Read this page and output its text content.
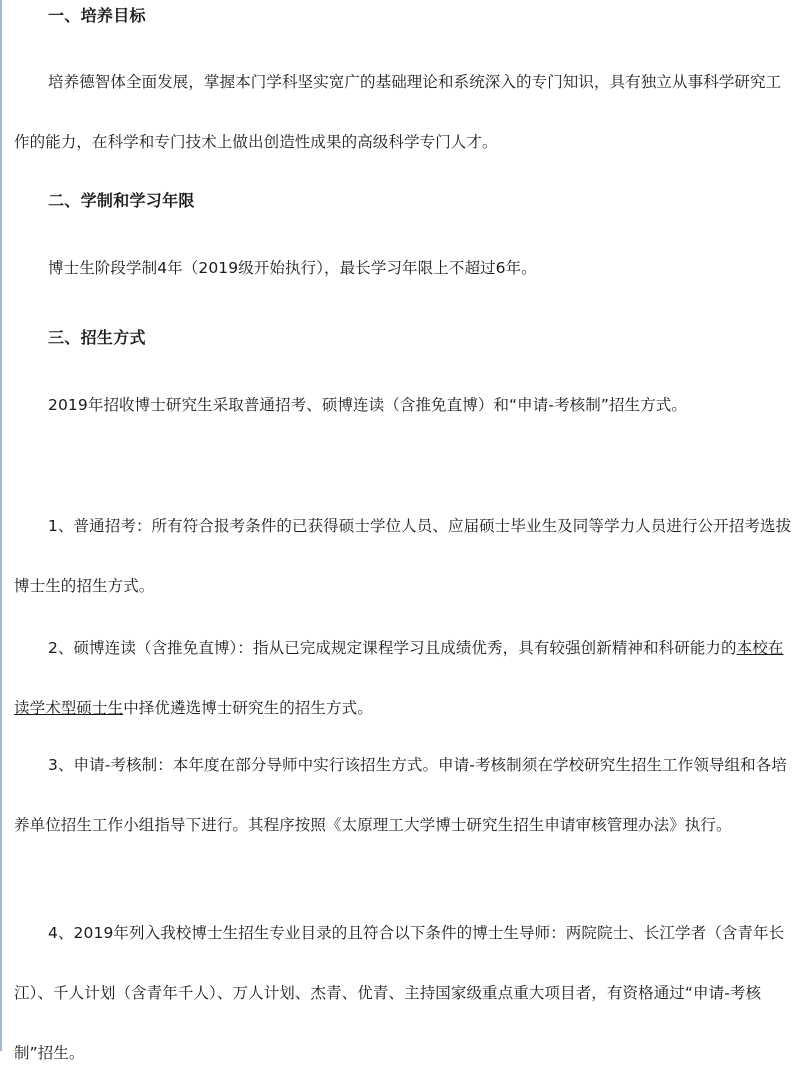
一、培养目标

培养德智体全面发展，掌握本门学科坚实宽广的基础理论和系统深入的专门知识，具有独立从事科学研究工作的能力，在科学和专门技术上做出创造性成果的高级科学专门人才。

二、学制和学习年限

博士生阶段学制4年（2019级开始执行），最长学习年限上不超过6年。

三、招生方式

2019年招收博士研究生采取普通招考、硕博连读（含推免直博）和“申请-考核制”招生方式。

1、普通招考：所有符合报考条件的已获得硕士学位人员、应届硕士毕业生及同等学力人员进行公开招考选拔博士生的招生方式。

2、硕博连读（含推免直博）：指从已完成规定课程学习且成绩优秀，具有较强创新精神和科研能力的本校在读学术型硕士生中择优遴选博士研究生的招生方式。

3、申请-考核制：本年度在部分导师中实行该招生方式。申请-考核制须在学校研究生招生工作领导组和各培养单位招生工作小组指导下进行。其程序按照《太原理工大学博士研究生招生申请审核管理办法》执行。

4、2019年列入我校博士生招生专业目录的且符合以下条件的博士生导师：两院院士、长江学者（含青年长江）、千人计划（含青年千人）、万人计划、杰青、优青、主持国家级重点重大项目者，有资格通过“申请-考核制”招生。
